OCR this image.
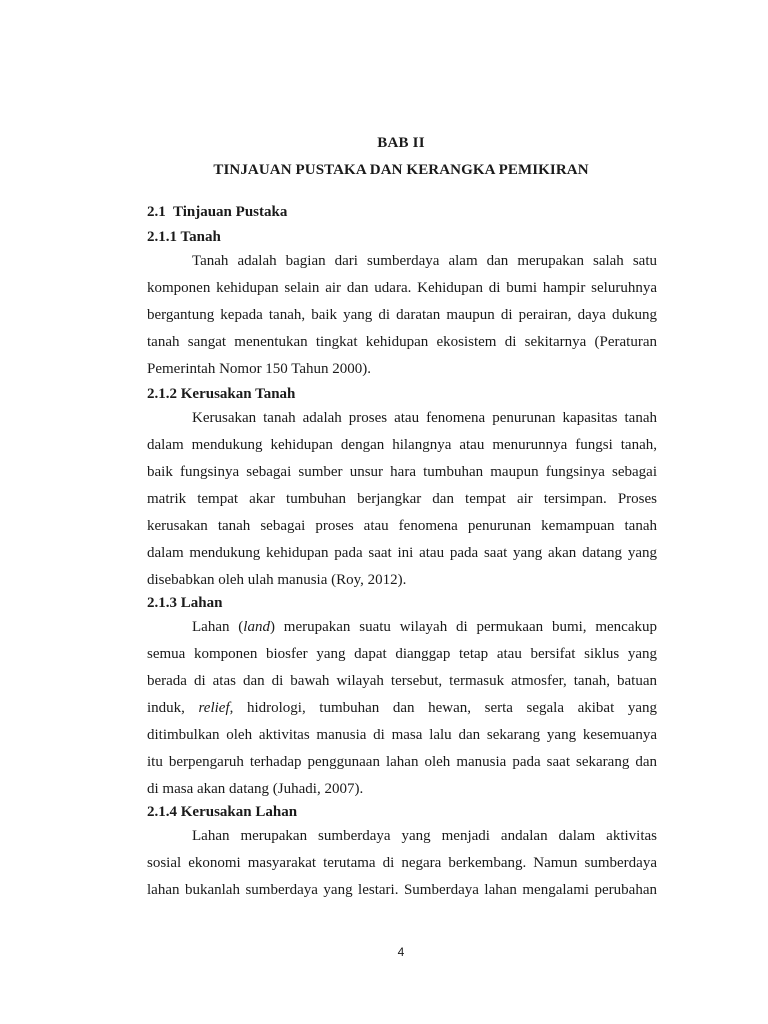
BAB II
TINJAUAN PUSTAKA DAN KERANGKA PEMIKIRAN
2.1  Tinjauan Pustaka
2.1.1 Tanah
Tanah adalah bagian dari sumberdaya alam dan merupakan salah satu
komponen kehidupan selain air dan udara. Kehidupan di bumi hampir seluruhnya
bergantung kepada tanah, baik yang di daratan maupun di perairan, daya dukung
tanah sangat menentukan tingkat kehidupan ekosistem di sekitarnya (Peraturan
Pemerintah Nomor 150 Tahun 2000).
2.1.2 Kerusakan Tanah
Kerusakan tanah adalah proses atau fenomena penurunan kapasitas tanah
dalam mendukung kehidupan dengan hilangnya atau menurunnya fungsi tanah,
baik fungsinya sebagai sumber unsur hara tumbuhan maupun fungsinya sebagai
matrik tempat akar tumbuhan berjangkar dan tempat air tersimpan. Proses
kerusakan tanah sebagai proses atau fenomena penurunan kemampuan tanah
dalam mendukung kehidupan pada saat ini atau pada saat yang akan datang yang
disebabkan oleh ulah manusia (Roy, 2012).
2.1.3 Lahan
Lahan (land) merupakan suatu wilayah di permukaan bumi, mencakup
semua komponen biosfer yang dapat dianggap tetap atau bersifat siklus yang
berada di atas dan di bawah wilayah tersebut, termasuk atmosfer, tanah, batuan
induk, relief, hidrologi, tumbuhan dan hewan, serta segala akibat yang
ditimbulkan oleh aktivitas manusia di masa lalu dan sekarang yang kesemuanya
itu berpengaruh terhadap penggunaan lahan oleh manusia pada saat sekarang dan
di masa akan datang (Juhadi, 2007).
2.1.4 Kerusakan Lahan
Lahan merupakan sumberdaya yang menjadi andalan dalam aktivitas
sosial ekonomi masyarakat terutama di negara berkembang. Namun sumberdaya
lahan bukanlah sumberdaya yang lestari. Sumberdaya lahan mengalami perubahan
4
